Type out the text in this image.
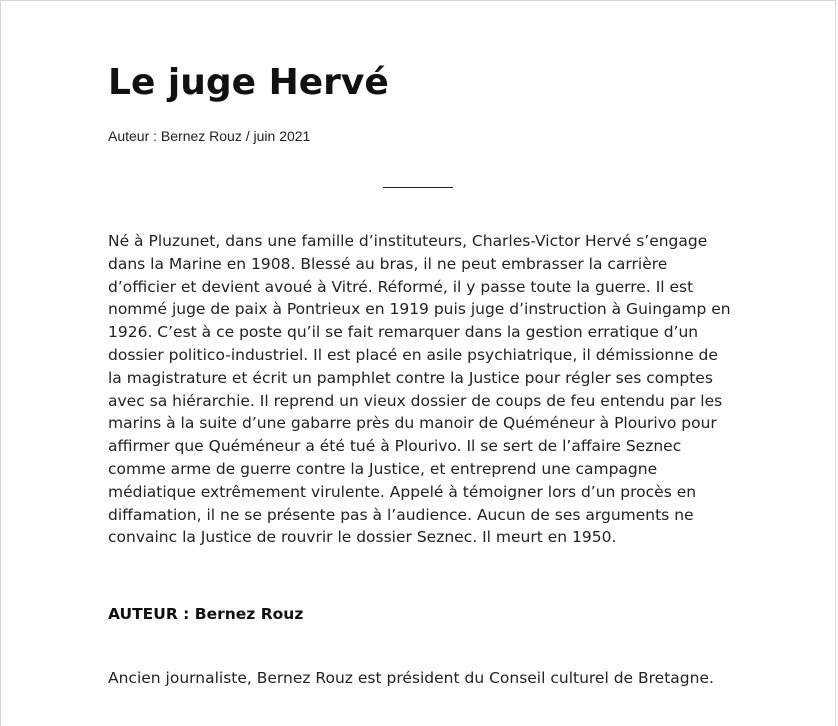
Le juge Hervé
Auteur : Bernez Rouz / juin 2021

Né à Pluzunet, dans une famille d’instituteurs, Charles-Victor Hervé s’engage dans la Marine en 1908. Blessé au bras, il ne peut embrasser la carrière d’officier et devient avoué à Vitré. Réformé, il y passe toute la guerre. Il est nommé juge de paix à Pontrieux en 1919 puis juge d’instruction à Guingamp en 1926. C’est à ce poste qu’il se fait remarquer dans la gestion erratique d’un dossier politico-industriel. Il est placé en asile psychiatrique, il démissionne de la magistrature et écrit un pamphlet contre la Justice pour régler ses comptes avec sa hiérarchie. Il reprend un vieux dossier de coups de feu entendu par les marins à la suite d’une gabarre près du manoir de Quéméneur à Plourivo pour affirmer que Quéméneur a été tué à Plourivo. Il se sert de l’affaire Seznec comme arme de guerre contre la Justice, et entreprend une campagne médiatique extrêmement virulente. Appelé à témoigner lors d’un procès en diffamation, il ne se présente pas à l’audience. Aucun de ses arguments ne convainc la Justice de rouvrir le dossier Seznec. Il meurt en 1950.

AUTEUR : Bernez Rouz

Ancien journaliste, Bernez Rouz est président du Conseil culturel de Bretagne.
